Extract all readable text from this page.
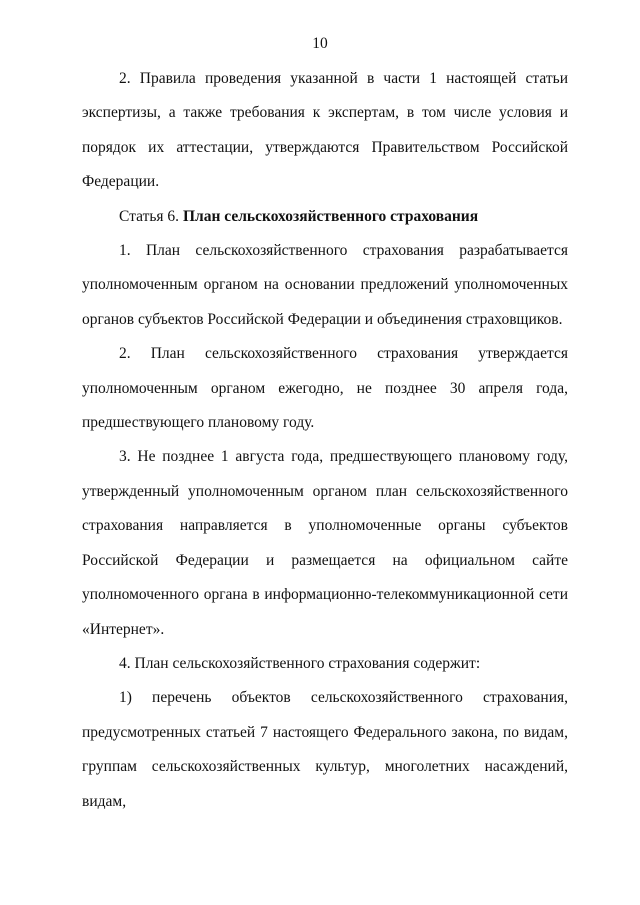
10

2. Правила проведения указанной в части 1 настоящей статьи экспертизы, а также требования к экспертам, в том числе условия и порядок их аттестации, утверждаются Правительством Российской Федерации.

Статья 6. План сельскохозяйственного страхования

1. План сельскохозяйственного страхования разрабатывается уполномоченным органом на основании предложений уполномоченных органов субъектов Российской Федерации и объединения страховщиков.

2. План сельскохозяйственного страхования утверждается уполномоченным органом ежегодно, не позднее 30 апреля года, предшествующего плановому году.

3. Не позднее 1 августа года, предшествующего плановому году, утвержденный уполномоченным органом план сельскохозяйственного страхования направляется в уполномоченные органы субъектов Российской Федерации и размещается на официальном сайте уполномоченного органа в информационно-телекоммуникационной сети «Интернет».

4. План сельскохозяйственного страхования содержит:

1) перечень объектов сельскохозяйственного страхования, предусмотренных статьей 7 настоящего Федерального закона, по видам, группам сельскохозяйственных культур, многолетних насаждений, видам,
